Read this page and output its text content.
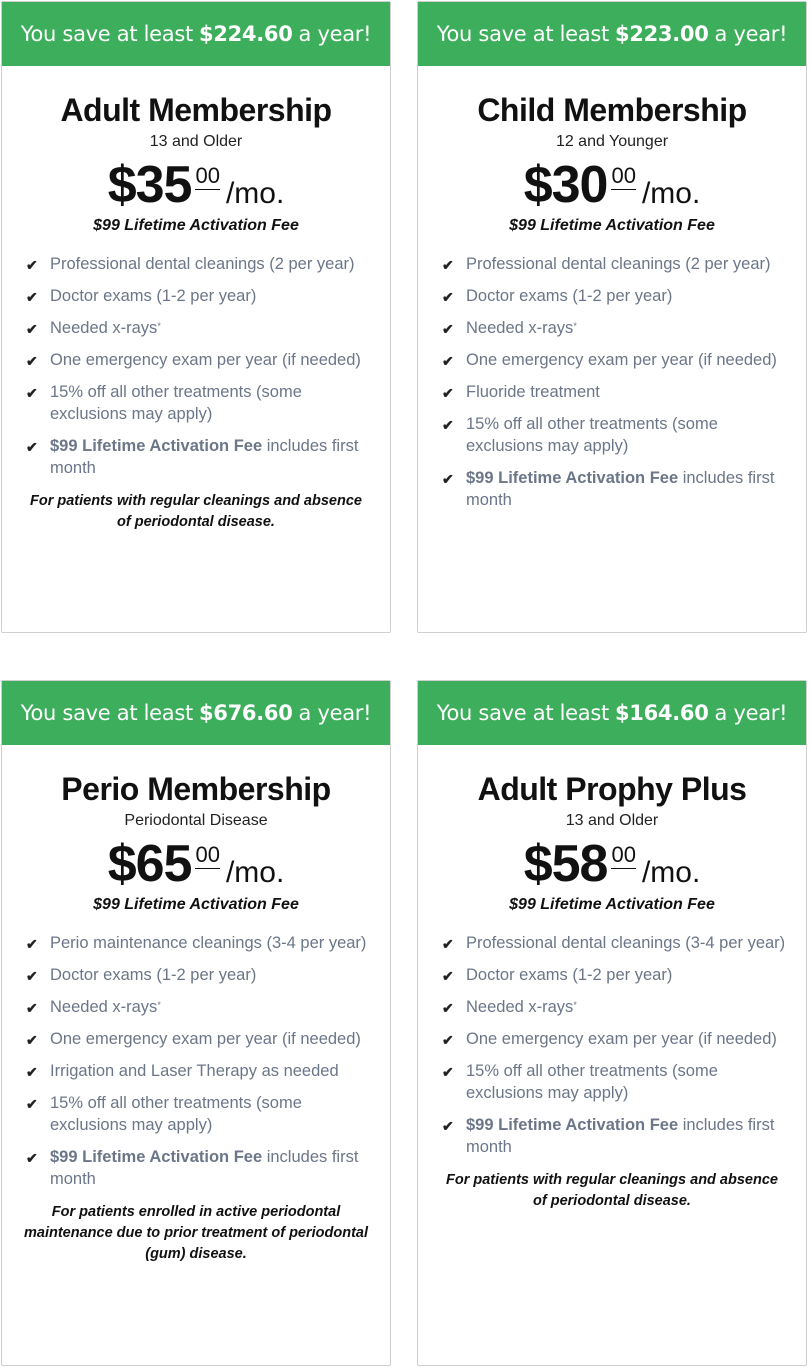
You save at least $224.60 a year!
Adult Membership
13 and Older
$35 00
/mo.
$99 Lifetime Activation Fee
✔ Professional dental cleanings (2 per year)
✔ Doctor exams (1-2 per year)
✔ Needed x-rays*
✔ One emergency exam per year (if needed)
✔ 15% off all other treatments (some exclusions may apply)
✔ $99 Lifetime Activation Fee includes first month
For patients with regular cleanings and absence of periodontal disease.
You save at least $223.00 a year!
Child Membership
12 and Younger
$30 00
/mo.
$99 Lifetime Activation Fee
✔ Professional dental cleanings (2 per year)
✔ Doctor exams (1-2 per year)
✔ Needed x-rays*
✔ One emergency exam per year (if needed)
✔ Fluoride treatment
✔ 15% off all other treatments (some exclusions may apply)
✔ $99 Lifetime Activation Fee includes first month
You save at least $676.60 a year!
Perio Membership
Periodontal Disease
$65 00
/mo.
$99 Lifetime Activation Fee
✔ Perio maintenance cleanings (3-4 per year)
✔ Doctor exams (1-2 per year)
✔ Needed x-rays*
✔ One emergency exam per year (if needed)
✔ Irrigation and Laser Therapy as needed
✔ 15% off all other treatments (some exclusions may apply)
✔ $99 Lifetime Activation Fee includes first month
For patients enrolled in active periodontal maintenance due to prior treatment of periodontal (gum) disease.
You save at least $164.60 a year!
Adult Prophy Plus
13 and Older
$58 00
/mo.
$99 Lifetime Activation Fee
✔ Professional dental cleanings (3-4 per year)
✔ Doctor exams (1-2 per year)
✔ Needed x-rays*
✔ One emergency exam per year (if needed)
✔ 15% off all other treatments (some exclusions may apply)
✔ $99 Lifetime Activation Fee includes first month
For patients with regular cleanings and absence of periodontal disease.
